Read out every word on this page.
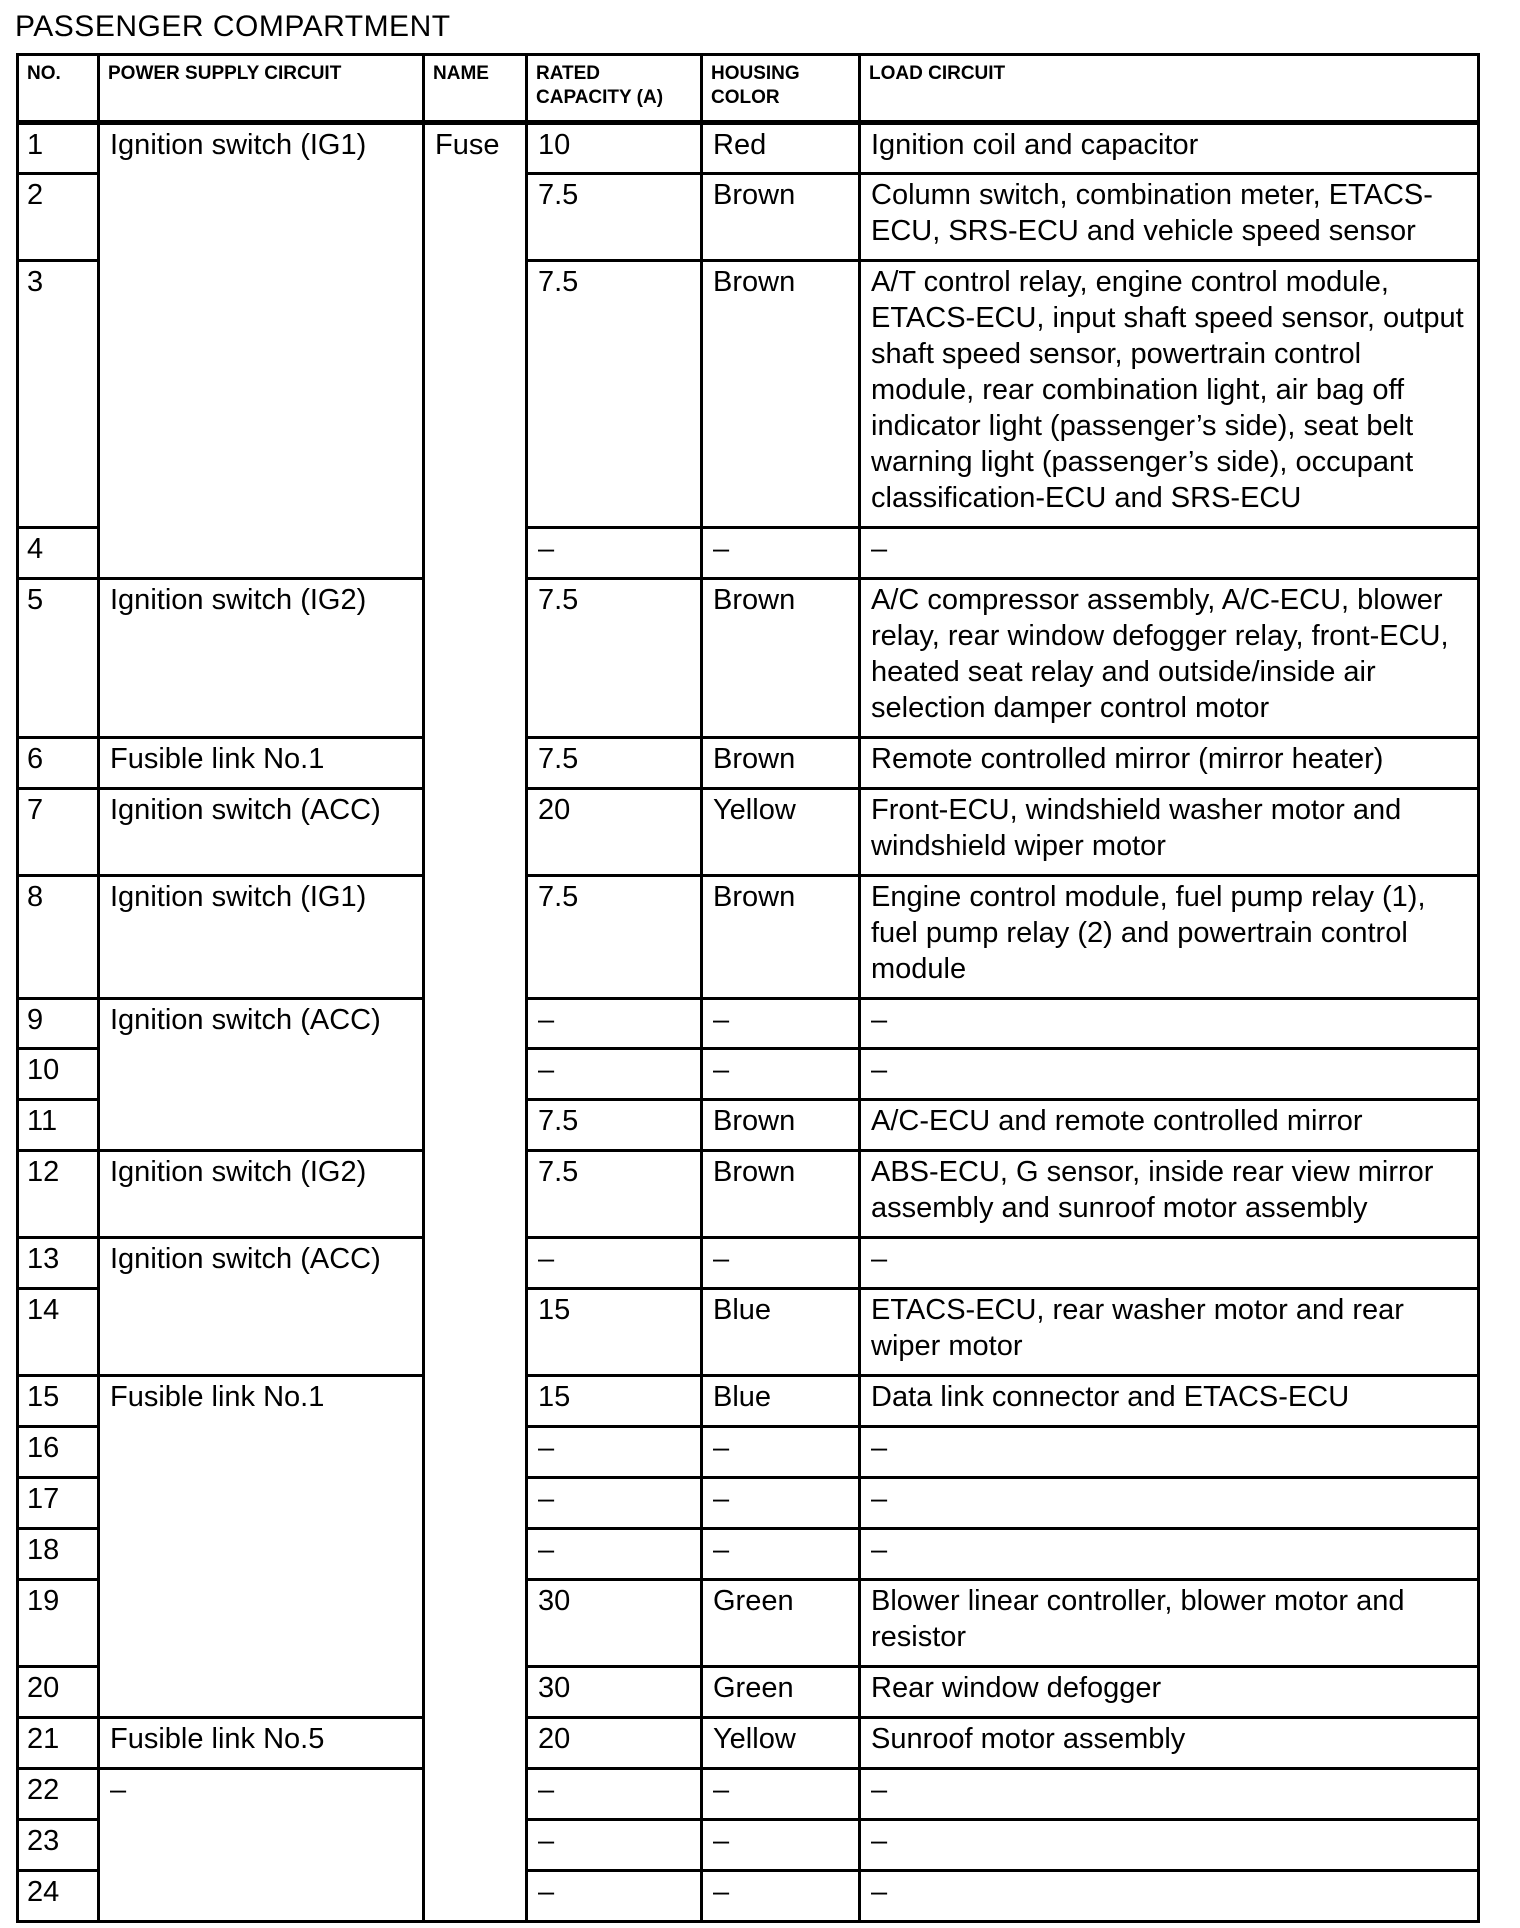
PASSENGER COMPARTMENT
NO.	POWER SUPPLY CIRCUIT	NAME	RATED CAPACITY (A)	HOUSING COLOR	LOAD CIRCUIT
1	Ignition switch (IG1)	Fuse	10	Red	Ignition coil and capacitor
2			7.5	Brown	Column switch, combination meter, ETACS-ECU, SRS-ECU and vehicle speed sensor
3			7.5	Brown	A/T control relay, engine control module, ETACS-ECU, input shaft speed sensor, output shaft speed sensor, powertrain control module, rear combination light, air bag off indicator light (passenger’s side), seat belt warning light (passenger’s side), occupant classification-ECU and SRS-ECU
4			–	–	–
5	Ignition switch (IG2)		7.5	Brown	A/C compressor assembly, A/C-ECU, blower relay, rear window defogger relay, front-ECU, heated seat relay and outside/inside air selection damper control motor
6	Fusible link No.1		7.5	Brown	Remote controlled mirror (mirror heater)
7	Ignition switch (ACC)		20	Yellow	Front-ECU, windshield washer motor and windshield wiper motor
8	Ignition switch (IG1)		7.5	Brown	Engine control module, fuel pump relay (1), fuel pump relay (2) and powertrain control module
9	Ignition switch (ACC)		–	–	–
10			–	–	–
11			7.5	Brown	A/C-ECU and remote controlled mirror
12	Ignition switch (IG2)		7.5	Brown	ABS-ECU, G sensor, inside rear view mirror assembly and sunroof motor assembly
13	Ignition switch (ACC)		–	–	–
14			15	Blue	ETACS-ECU, rear washer motor and rear wiper motor
15	Fusible link No.1		15	Blue	Data link connector and ETACS-ECU
16			–	–	–
17			–	–	–
18			–	–	–
19			30	Green	Blower linear controller, blower motor and resistor
20			30	Green	Rear window defogger
21	Fusible link No.5		20	Yellow	Sunroof motor assembly
22	–		–	–	–
23			–	–	–
24			–	–	–
